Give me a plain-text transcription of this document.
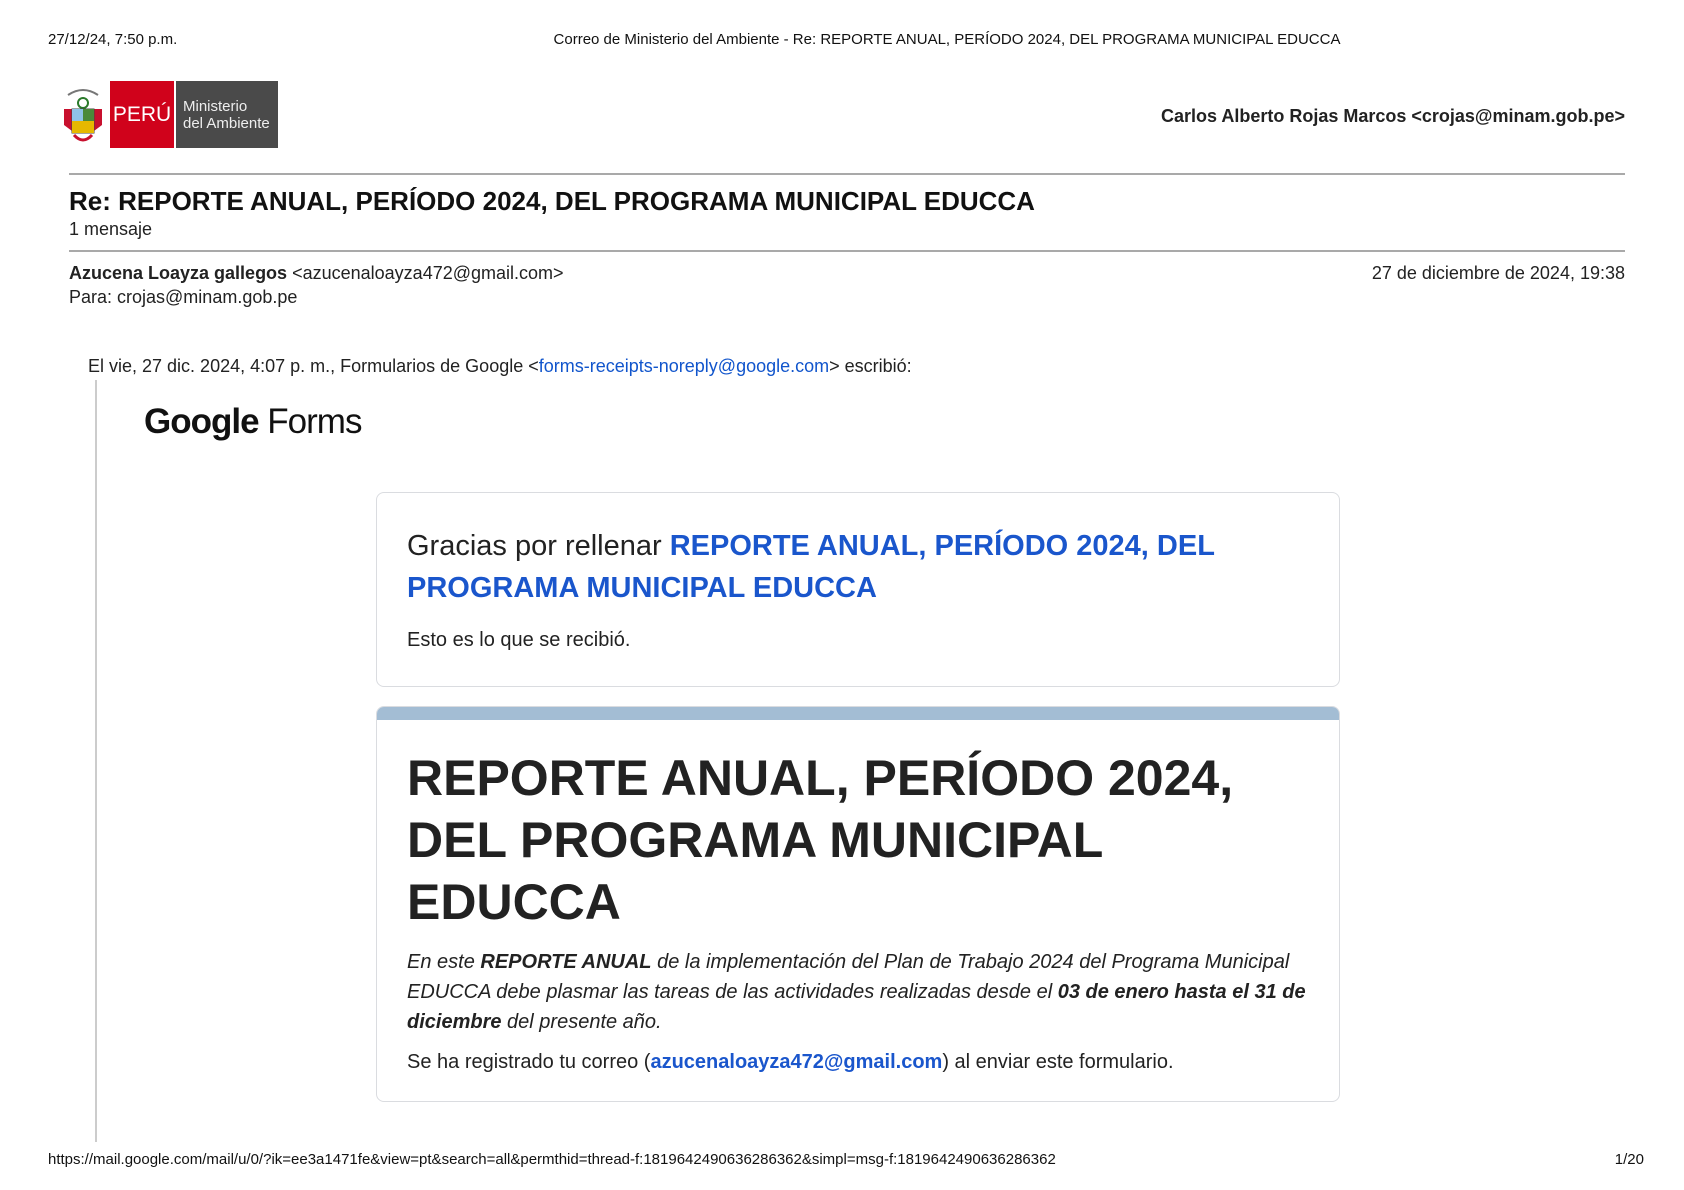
27/12/24, 7:50 p.m.	Correo de Ministerio del Ambiente - Re: REPORTE ANUAL, PERÍODO 2024, DEL PROGRAMA MUNICIPAL EDUCCA
PERÚ Ministerio
del Ambiente	Carlos Alberto Rojas Marcos <crojas@minam.gob.pe>
Re: REPORTE ANUAL, PERÍODO 2024, DEL PROGRAMA MUNICIPAL EDUCCA
1 mensaje
Azucena Loayza gallegos <azucenaloayza472@gmail.com>
Para: crojas@minam.gob.pe
27 de diciembre de 2024, 19:38
El vie, 27 dic. 2024, 4:07 p. m., Formularios de Google <forms-receipts-noreply@google.com> escribió:
Google Forms
Gracias por rellenar REPORTE ANUAL, PERÍODO 2024, DEL PROGRAMA MUNICIPAL EDUCCA
Esto es lo que se recibió.
REPORTE ANUAL, PERÍODO 2024,
DEL PROGRAMA MUNICIPAL EDUCCA
En este REPORTE ANUAL de la implementación del Plan de Trabajo 2024 del Programa Municipal EDUCCA debe plasmar las tareas de las actividades realizadas desde el 03 de enero hasta el 31 de diciembre del presente año.
Se ha registrado tu correo (azucenaloayza472@gmail.com) al enviar este formulario.
https://mail.google.com/mail/u/0/?ik=ee3a1471fe&view=pt&search=all&permthid=thread-f:1819642490636286362&simpl=msg-f:1819642490636286362	1/20
